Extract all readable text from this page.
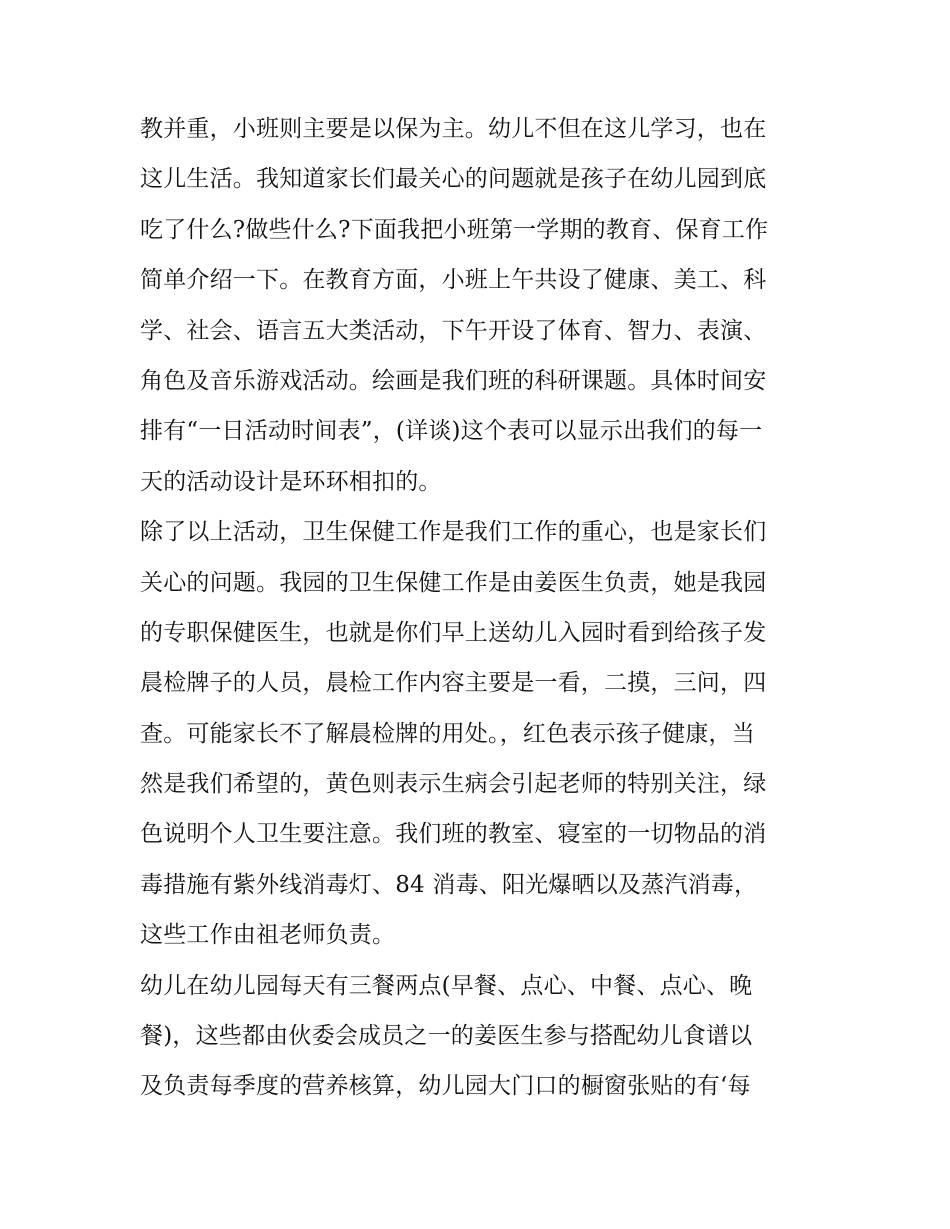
教并重，小班则主要是以保为主。幼儿不但在这儿学习，也在
这儿生活。我知道家长们最关心的问题就是孩子在幼儿园到底
吃了什么?做些什么?下面我把小班第一学期的教育、保育工作
简单介绍一下。在教育方面，小班上午共设了健康、美工、科
学、社会、语言五大类活动，下午开设了体育、智力、表演、
角色及音乐游戏活动。绘画是我们班的科研课题。具体时间安
排有“一日活动时间表”，(详谈)这个表可以显示出我们的每一
天的活动设计是环环相扣的。
除了以上活动，卫生保健工作是我们工作的重心，也是家长们
关心的问题。我园的卫生保健工作是由姜医生负责，她是我园
的专职保健医生，也就是你们早上送幼儿入园时看到给孩子发
晨检牌子的人员，晨检工作内容主要是一看，二摸，三问，四
查。可能家长不了解晨检牌的用处。，红色表示孩子健康，当
然是我们希望的，黄色则表示生病会引起老师的特别关注，绿
色说明个人卫生要注意。我们班的教室、寝室的一切物品的消
毒措施有紫外线消毒灯、84 消毒、阳光爆晒以及蒸汽消毒，
这些工作由祖老师负责。
幼儿在幼儿园每天有三餐两点(早餐、点心、中餐、点心、晚
餐)，这些都由伙委会成员之一的姜医生参与搭配幼儿食谱以
及负责每季度的营养核算，幼儿园大门口的橱窗张贴的有‘每
